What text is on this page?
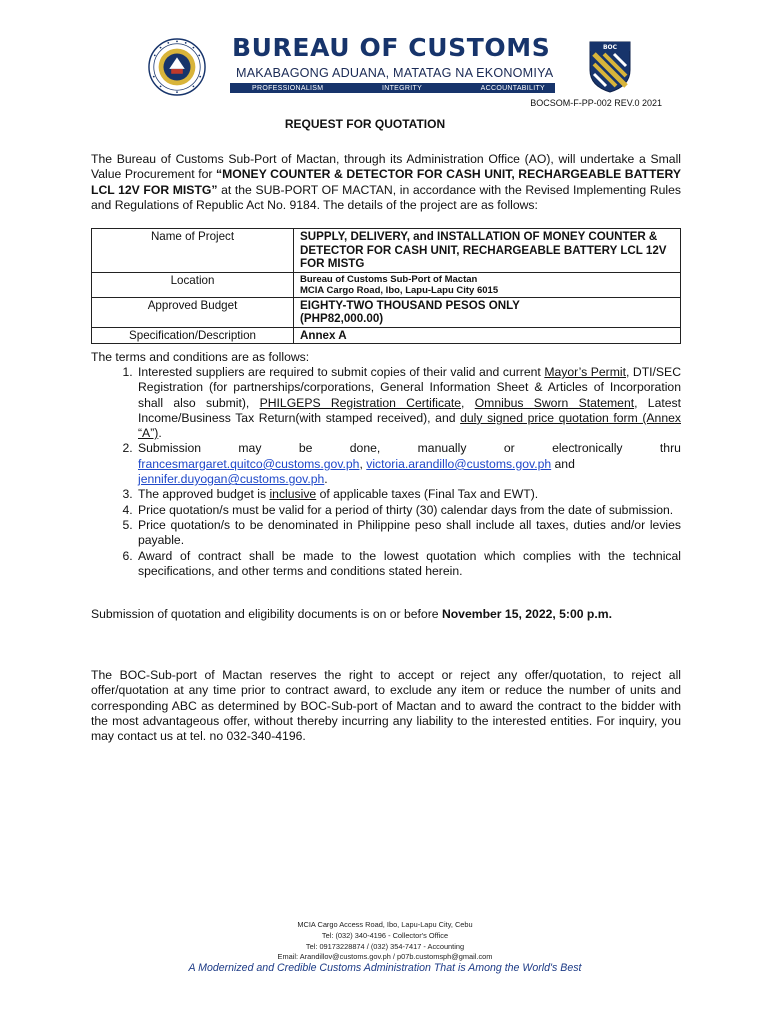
BUREAU OF CUSTOMS
MAKABAGONG ADUANA, MATATAG NA EKONOMIYA
PROFESSIONALISM	INTEGRITY	ACCOUNTABILITY
BOC
BOCSOM-F-PP-002 REV.0 2021
REQUEST FOR QUOTATION
The Bureau of Customs Sub-Port of Mactan, through its Administration Office (AO), will undertake a Small Value Procurement for “MONEY COUNTER & DETECTOR FOR CASH UNIT, RECHARGEABLE BATTERY LCL 12V FOR MISTG” at the SUB-PORT OF MACTAN, in accordance with the Revised Implementing Rules and Regulations of Republic Act No. 9184. The details of the project are as follows:
Name of Project	SUPPLY, DELIVERY, and INSTALLATION OF MONEY COUNTER & DETECTOR FOR CASH UNIT, RECHARGEABLE BATTERY LCL 12V FOR MISTG
Location	Bureau of Customs Sub-Port of Mactan
MCIA Cargo Road, Ibo, Lapu-Lapu City 6015

Approved Budget	EIGHTY-TWO THOUSAND PESOS ONLY
(PHP82,000.00)

Specification/Description	Annex A
The terms and conditions are as follows:
1. Interested suppliers are required to submit copies of their valid and current Mayor’s Permit, DTI/SEC Registration (for partnerships/corporations, General Information Sheet & Articles of Incorporation shall also submit), PHILGEPS Registration Certificate, Omnibus Sworn Statement, Latest Income/Business Tax Return(with stamped received), and duly signed price quotation form (Annex “A”).
2. Submission	may	be	done,	manually	or	electronically	thru
francesmargaret.quitco@customs.gov.ph, victoria.arandillo@customs.gov.ph and
jennifer.duyogan@customs.gov.ph.
3. The approved budget is inclusive of applicable taxes (Final Tax and EWT).
4. Price quotation/s must be valid for a period of thirty (30) calendar days from the date of submission.
5. Price quotation/s to be denominated in Philippine peso shall include all taxes, duties and/or levies payable.
6. Award of contract shall be made to the lowest quotation which complies with the technical specifications, and other terms and conditions stated herein.
Submission of quotation and eligibility documents is on or before November 15, 2022, 5:00 p.m.
The BOC-Sub-port of Mactan reserves the right to accept or reject any offer/quotation, to reject all offer/quotation at any time prior to contract award, to exclude any item or reduce the number of units and corresponding ABC as determined by BOC-Sub-port of Mactan and to award the contract to the bidder with the most advantageous offer, without thereby incurring any liability to the interested entities. For inquiry, you may contact us at tel. no 032-340-4196.
MCIA Cargo Access Road, Ibo, Lapu-Lapu City, Cebu
Tel: (032) 340-4196 - Collector's Office
Tel: 09173228874 / (032) 354-7417 - Accounting
Email: Arandillov@customs.gov.ph / p07b.customsph@gmail.com
A Modernized and Credible Customs Administration That is Among the World's Best
